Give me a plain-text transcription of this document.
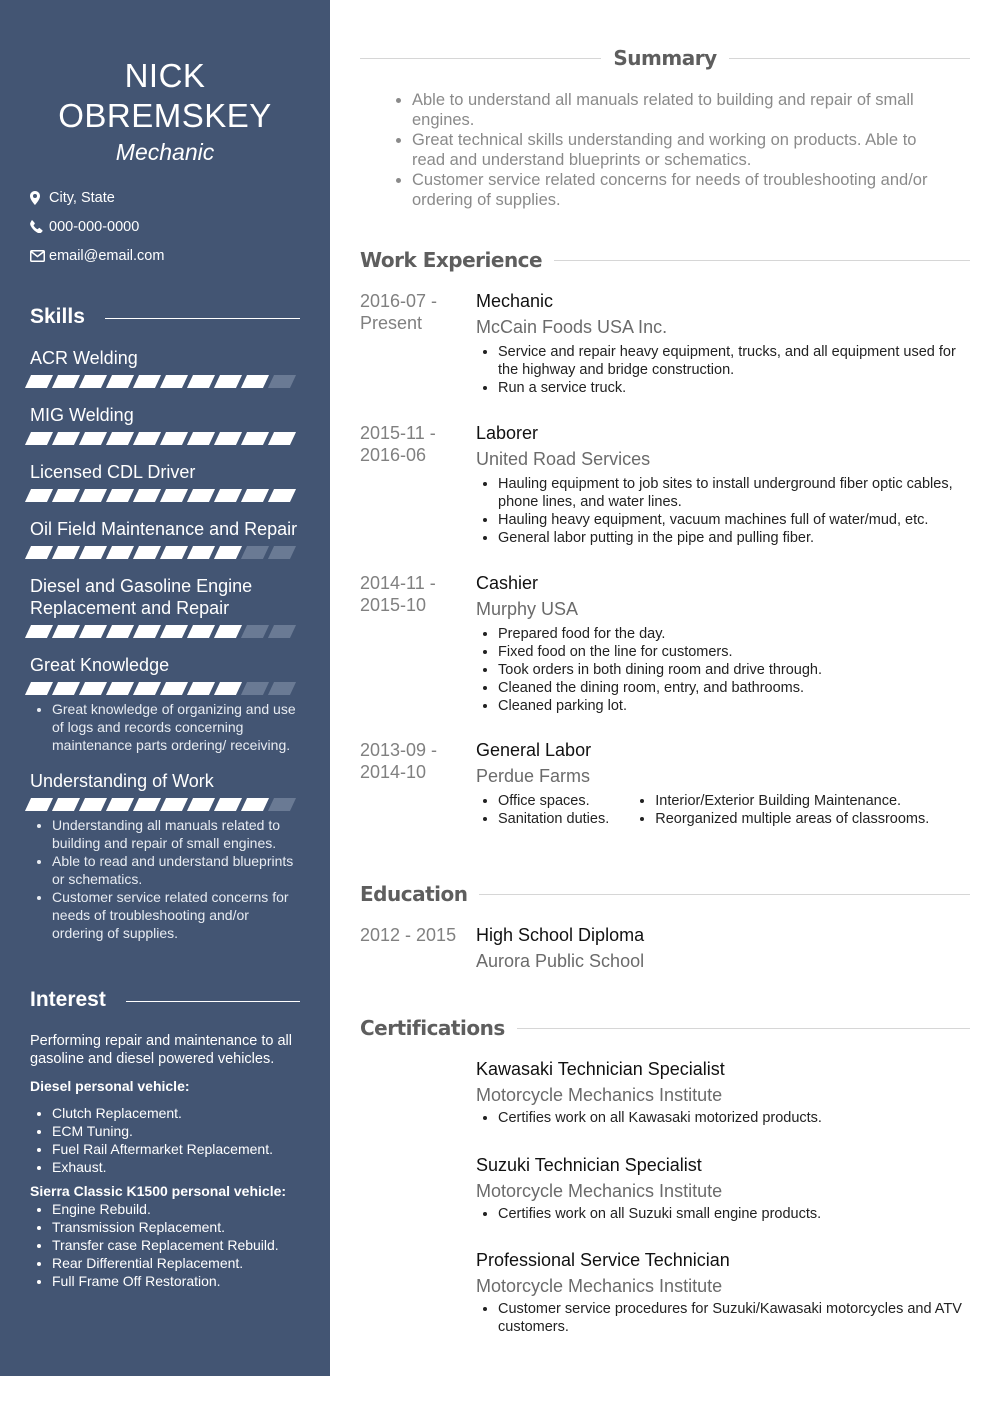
NICK OBREMSKEY
Mechanic
City, State
000-000-0000
email@email.com
Skills
ACR Welding
MIG Welding
Licensed CDL Driver
Oil Field Maintenance and Repair
Diesel and Gasoline Engine Replacement and Repair
Great Knowledge
• Great knowledge of organizing and use of logs and records concerning maintenance parts ordering/ receiving.
Understanding of Work
• Understanding all manuals related to building and repair of small engines.
• Able to read and understand blueprints or schematics.
• Customer service related concerns for needs of troubleshooting and/or ordering of supplies.
Interest
Performing repair and maintenance to all gasoline and diesel powered vehicles.
Diesel personal vehicle:
• Clutch Replacement.
• ECM Tuning.
• Fuel Rail Aftermarket Replacement.
• Exhaust.
Sierra Classic K1500 personal vehicle:
• Engine Rebuild.
• Transmission Replacement.
• Transfer case Replacement Rebuild.
• Rear Differential Replacement.
• Full Frame Off Restoration.
Summary
• Able to understand all manuals related to building and repair of small engines.
• Great technical skills understanding and working on products. Able to read and understand blueprints or schematics.
• Customer service related concerns for needs of troubleshooting and/or ordering of supplies.
Work Experience
2016-07 - Present
Mechanic
McCain Foods USA Inc.
• Service and repair heavy equipment, trucks, and all equipment used for the highway and bridge construction.
• Run a service truck.
2015-11 - 2016-06
Laborer
United Road Services
• Hauling equipment to job sites to install underground fiber optic cables, phone lines, and water lines.
• Hauling heavy equipment, vacuum machines full of water/mud, etc.
• General labor putting in the pipe and pulling fiber.
2014-11 - 2015-10
Cashier
Murphy USA
• Prepared food for the day.
• Fixed food on the line for customers.
• Took orders in both dining room and drive through.
• Cleaned the dining room, entry, and bathrooms.
• Cleaned parking lot.
2013-09 - 2014-10
General Labor
Perdue Farms
• Office spaces.
• Sanitation duties.
• Interior/Exterior Building Maintenance.
• Reorganized multiple areas of classrooms.
Education
2012 - 2015	High School Diploma
Aurora Public School
Certifications
Kawasaki Technician Specialist
Motorcycle Mechanics Institute
• Certifies work on all Kawasaki motorized products.
Suzuki Technician Specialist
Motorcycle Mechanics Institute
• Certifies work on all Suzuki small engine products.
Professional Service Technician
Motorcycle Mechanics Institute
• Customer service procedures for Suzuki/Kawasaki motorcycles and ATV customers.
